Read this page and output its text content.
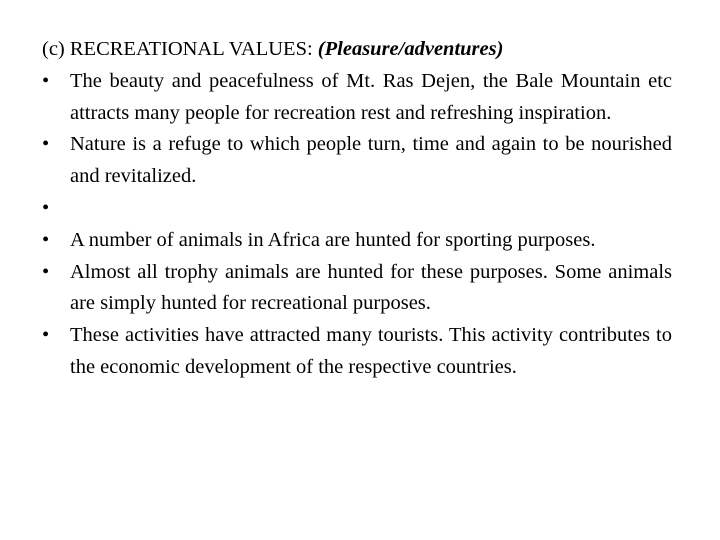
(c) RECREATIONAL VALUES: (Pleasure/adventures)

• The beauty and peacefulness of Mt. Ras Dejen, the Bale Mountain etc attracts many people for recreation rest and refreshing inspiration.
• Nature is a refuge to which people turn, time and again to be nourished and revitalized.
•
• A number of animals in Africa are hunted for sporting purposes.
• Almost all trophy animals are hunted for these purposes. Some animals are simply hunted for recreational purposes.
• These activities have attracted many tourists. This activity contributes to the economic development of the respective countries.
